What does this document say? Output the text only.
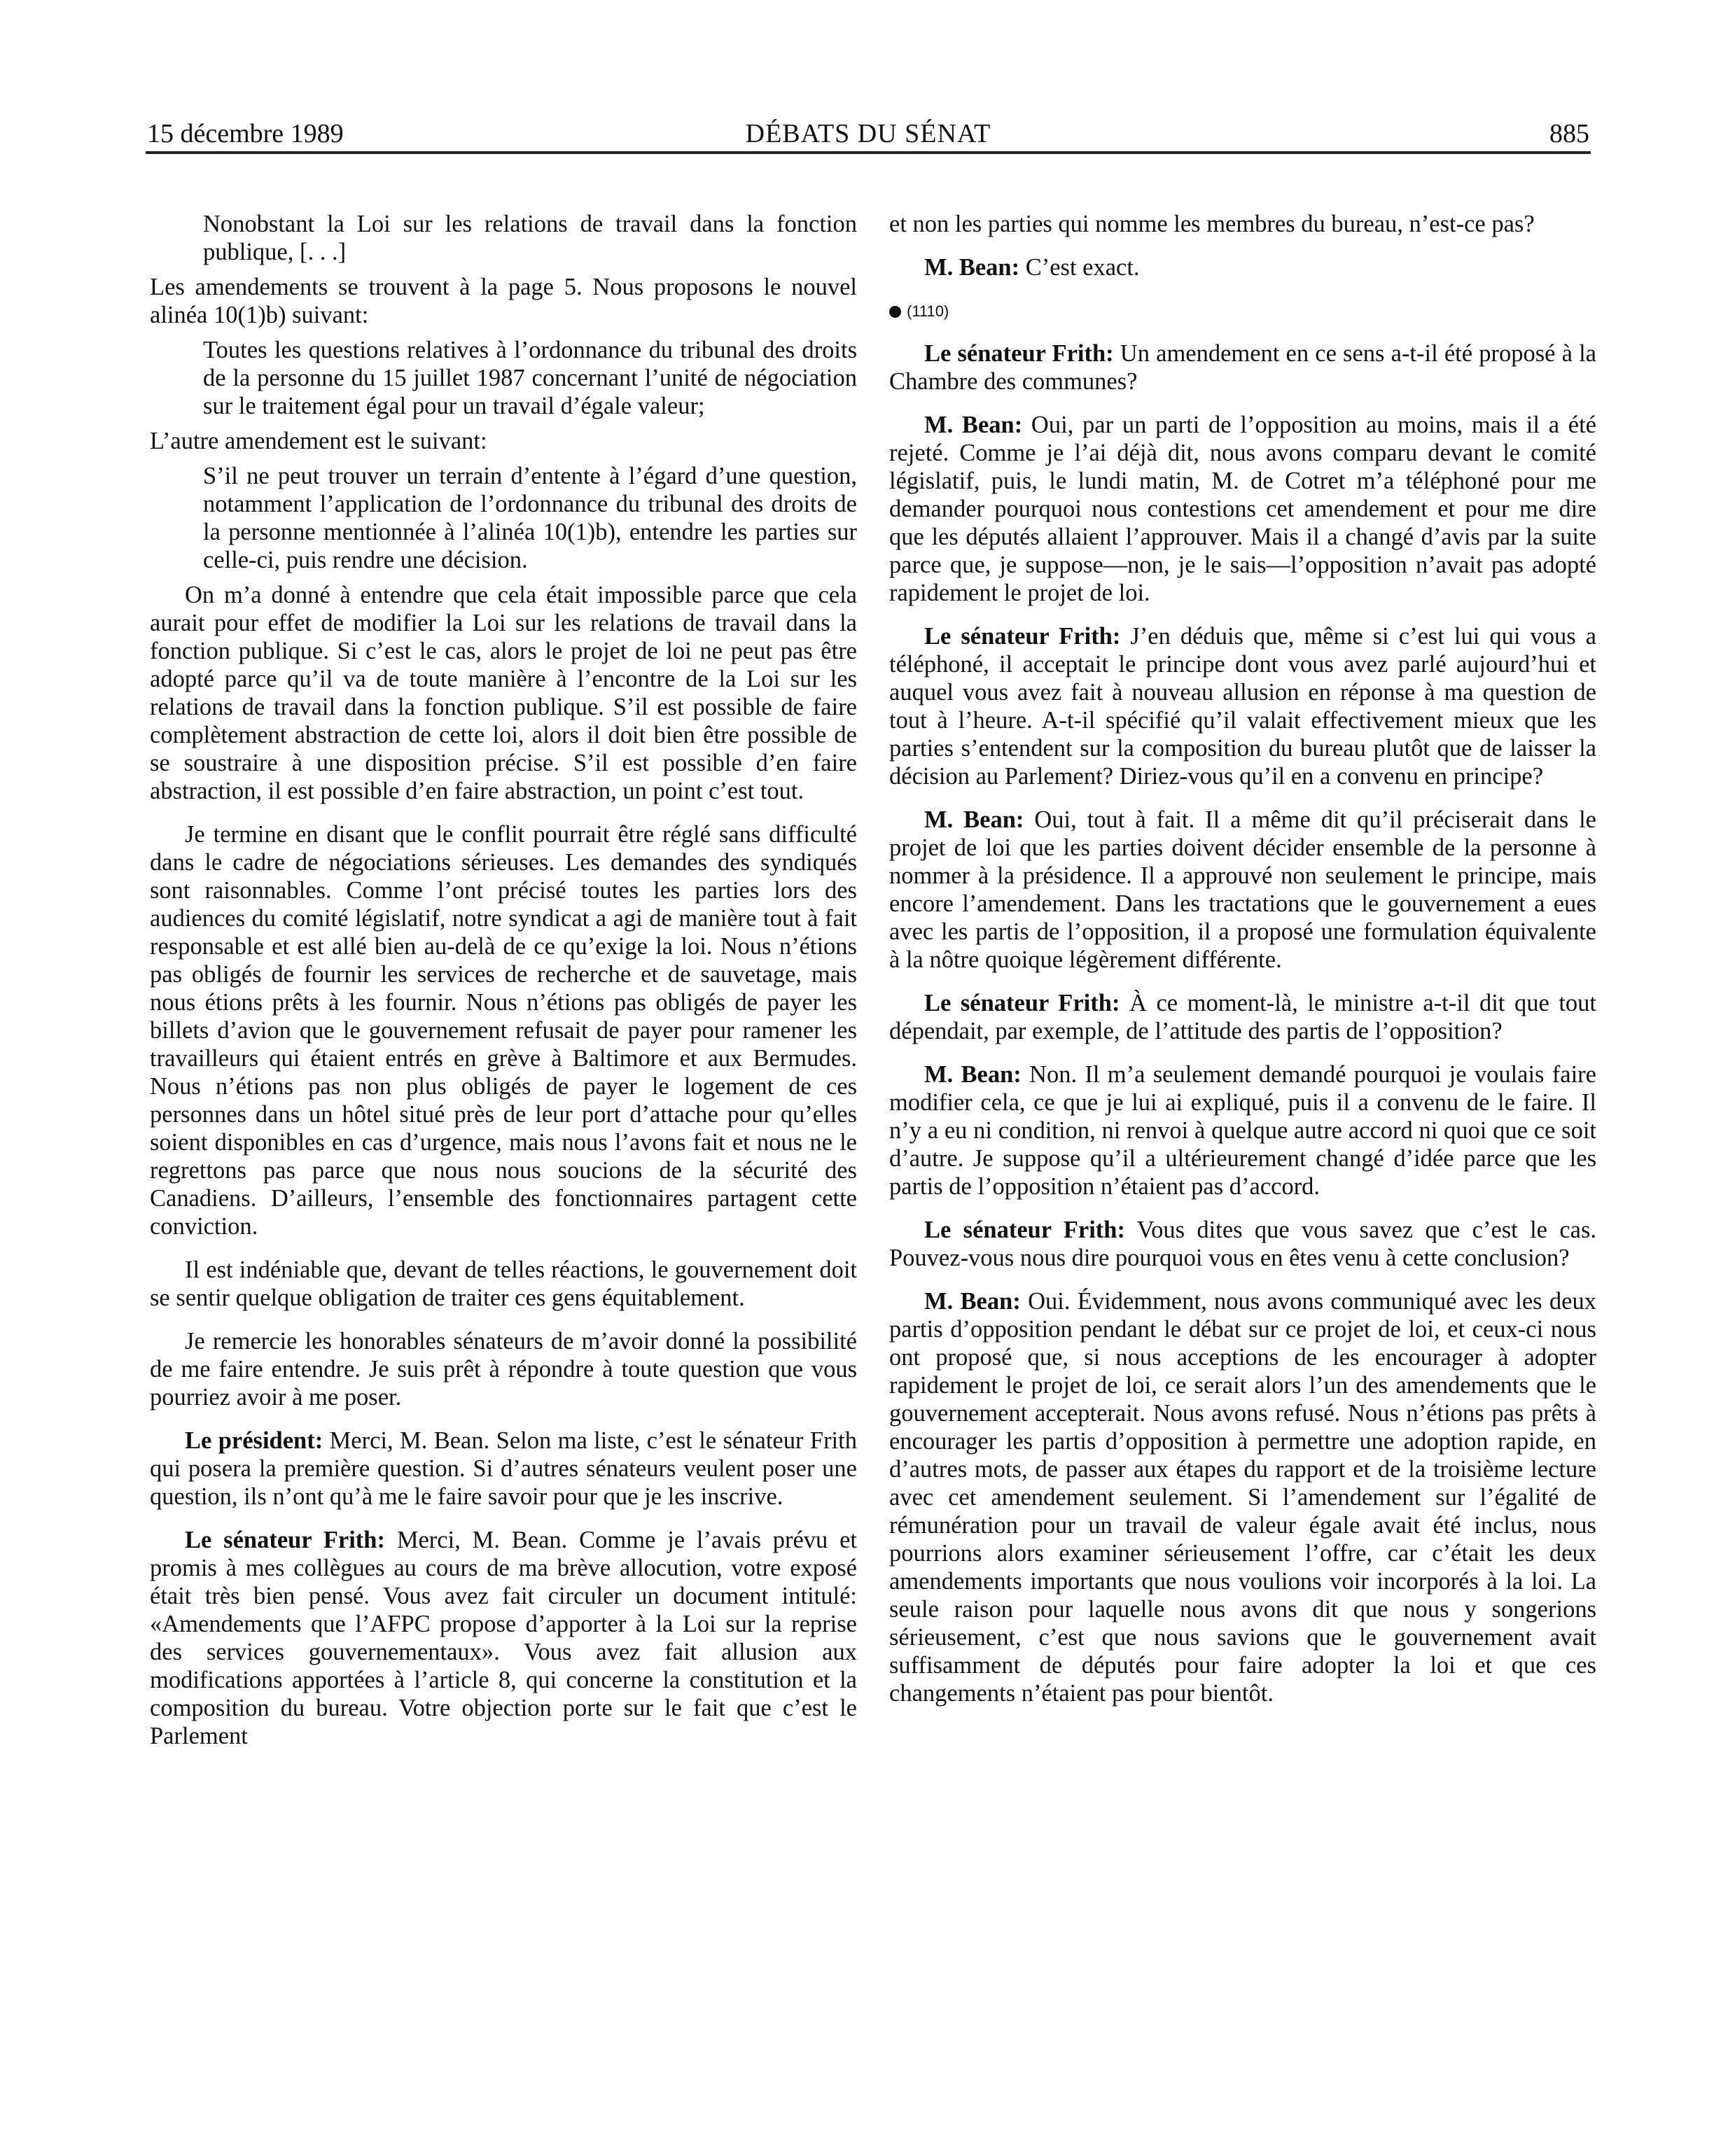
15 décembre 1989	DÉBATS DU SÉNAT	885

Nonobstant la Loi sur les relations de travail dans la fonction publique, [. . .]

Les amendements se trouvent à la page 5. Nous proposons le nouvel alinéa 10(1)b) suivant:

Toutes les questions relatives à l’ordonnance du tribunal des droits de la personne du 15 juillet 1987 concernant l’unité de négociation sur le traitement égal pour un travail d’égale valeur;

L’autre amendement est le suivant:

S’il ne peut trouver un terrain d’entente à l’égard d’une question, notamment l’application de l’ordonnance du tribunal des droits de la personne mentionnée à l’alinéa 10(1)b), entendre les parties sur celle-ci, puis rendre une décision.

On m’a donné à entendre que cela était impossible parce que cela aurait pour effet de modifier la Loi sur les relations de travail dans la fonction publique. Si c’est le cas, alors le projet de loi ne peut pas être adopté parce qu’il va de toute manière à l’encontre de la Loi sur les relations de travail dans la fonction publique. S’il est possible de faire complètement abstraction de cette loi, alors il doit bien être possible de se soustraire à une disposition précise. S’il est possible d’en faire abstraction, il est possible d’en faire abstraction, un point c’est tout.

Je termine en disant que le conflit pourrait être réglé sans difficulté dans le cadre de négociations sérieuses. Les demandes des syndiqués sont raisonnables. Comme l’ont précisé toutes les parties lors des audiences du comité législatif, notre syndicat a agi de manière tout à fait responsable et est allé bien au-delà de ce qu’exige la loi. Nous n’étions pas obligés de fournir les services de recherche et de sauvetage, mais nous étions prêts à les fournir. Nous n’étions pas obligés de payer les billets d’avion que le gouvernement refusait de payer pour ramener les travailleurs qui étaient entrés en grève à Baltimore et aux Bermudes. Nous n’étions pas non plus obligés de payer le logement de ces personnes dans un hôtel situé près de leur port d’attache pour qu’elles soient disponibles en cas d’urgence, mais nous l’avons fait et nous ne le regrettons pas parce que nous nous soucions de la sécurité des Canadiens. D’ailleurs, l’ensemble des fonctionnaires partagent cette conviction.

Il est indéniable que, devant de telles réactions, le gouvernement doit se sentir quelque obligation de traiter ces gens équitablement.

Je remercie les honorables sénateurs de m’avoir donné la possibilité de me faire entendre. Je suis prêt à répondre à toute question que vous pourriez avoir à me poser.

Le président: Merci, M. Bean. Selon ma liste, c’est le sénateur Frith qui posera la première question. Si d’autres sénateurs veulent poser une question, ils n’ont qu’à me le faire savoir pour que je les inscrive.

Le sénateur Frith: Merci, M. Bean. Comme je l’avais prévu et promis à mes collègues au cours de ma brève allocution, votre exposé était très bien pensé. Vous avez fait circuler un document intitulé: «Amendements que l’AFPC propose d’apporter à la Loi sur la reprise des services gouvernementaux». Vous avez fait allusion aux modifications apportées à l’article 8, qui concerne la constitution et la composition du bureau. Votre objection porte sur le fait que c’est le Parlement

et non les parties qui nomme les membres du bureau, n’est-ce pas?

M. Bean: C’est exact.

(1110)

Le sénateur Frith: Un amendement en ce sens a-t-il été proposé à la Chambre des communes?

M. Bean: Oui, par un parti de l’opposition au moins, mais il a été rejeté. Comme je l’ai déjà dit, nous avons comparu devant le comité législatif, puis, le lundi matin, M. de Cotret m’a téléphoné pour me demander pourquoi nous contestions cet amendement et pour me dire que les députés allaient l’approuver. Mais il a changé d’avis par la suite parce que, je suppose—non, je le sais—l’opposition n’avait pas adopté rapidement le projet de loi.

Le sénateur Frith: J’en déduis que, même si c’est lui qui vous a téléphoné, il acceptait le principe dont vous avez parlé aujourd’hui et auquel vous avez fait à nouveau allusion en réponse à ma question de tout à l’heure. A-t-il spécifié qu’il valait effectivement mieux que les parties s’entendent sur la composition du bureau plutôt que de laisser la décision au Parlement? Diriez-vous qu’il en a convenu en principe?

M. Bean: Oui, tout à fait. Il a même dit qu’il préciserait dans le projet de loi que les parties doivent décider ensemble de la personne à nommer à la présidence. Il a approuvé non seulement le principe, mais encore l’amendement. Dans les tractations que le gouvernement a eues avec les partis de l’opposition, il a proposé une formulation équivalente à la nôtre quoique légèrement différente.

Le sénateur Frith: À ce moment-là, le ministre a-t-il dit que tout dépendait, par exemple, de l’attitude des partis de l’opposition?

M. Bean: Non. Il m’a seulement demandé pourquoi je voulais faire modifier cela, ce que je lui ai expliqué, puis il a convenu de le faire. Il n’y a eu ni condition, ni renvoi à quelque autre accord ni quoi que ce soit d’autre. Je suppose qu’il a ultérieurement changé d’idée parce que les partis de l’opposition n’étaient pas d’accord.

Le sénateur Frith: Vous dites que vous savez que c’est le cas. Pouvez-vous nous dire pourquoi vous en êtes venu à cette conclusion?

M. Bean: Oui. Évidemment, nous avons communiqué avec les deux partis d’opposition pendant le débat sur ce projet de loi, et ceux-ci nous ont proposé que, si nous acceptions de les encourager à adopter rapidement le projet de loi, ce serait alors l’un des amendements que le gouvernement accepterait. Nous avons refusé. Nous n’étions pas prêts à encourager les partis d’opposition à permettre une adoption rapide, en d’autres mots, de passer aux étapes du rapport et de la troisième lecture avec cet amendement seulement. Si l’amendement sur l’égalité de rémunération pour un travail de valeur égale avait été inclus, nous pourrions alors examiner sérieusement l’offre, car c’était les deux amendements importants que nous voulions voir incorporés à la loi. La seule raison pour laquelle nous avons dit que nous y songerions sérieusement, c’est que nous savions que le gouvernement avait suffisamment de députés pour faire adopter la loi et que ces changements n’étaient pas pour bientôt.
